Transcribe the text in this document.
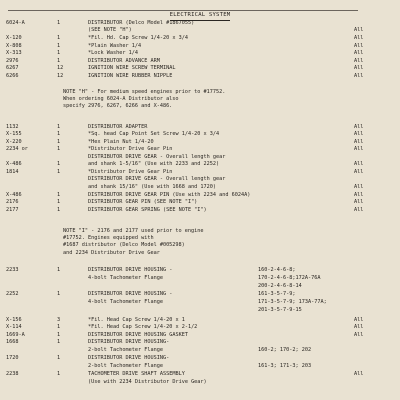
ELECTRICAL SYSTEM
6024-A	1	DISTRIBUTOR (Delco Model #1867055)
(SEE NOTE "H")	All
X-120	1	*Fil. Hd. Cap Screw 1/4-20 x 3/4	All
X-808	1	*Plain Washer 1/4	All
X-313	1	*Lock Washer 1/4	All
2976	1	DISTRIBUTOR ADVANCE ARM	All
6267	12	IGNITION WIRE SCREW TERMINAL	All
6266	12	IGNITION WIRE RUBBER NIPPLE	All
1132	1	DISTRIBUTOR ADAPTER	All
X-155	1	*Sq. head Cap Point Set Screw 1/4-20 x 3/4	All
X-220	1	*Hex Plain Nut 1/4-20	All
2234 or	1	*Distributor Drive Gear Pin	All
DISTRIBUTOR DRIVE GEAR - Overall length gear
X-486	1	and shank 1-5/16" (Use with 2233 and 2252)	All
1814	1	*Distributor Drive Gear Pin	All
DISTRIBUTOR DRIVE GEAR - Overall length gear
and shank 15/16" (Use with 1668 and 1720)	All
X-486	1	DISTRIBUTOR DRIVE GEAR PIN (Use with 2234 and 6024A)	All
2176	1	DISTRIBUTOR GEAR PIN (SEE NOTE "I")	All
2177	1	DISTRIBUTOR GEAR SPRING (SEE NOTE "I")	All
2233	1	DISTRIBUTOR DRIVE HOUSING -	160-2-4-6-8;
4-bolt Tachometer Flange	170-2-4-6-8;172A-76A
200-2-4-6-8-14
2252	1	DISTRIBUTOR DRIVE HOUSING -	161-3-5-7-9;
4-bolt Tachometer Flange	171-3-5-7-9; 173A-77A;
201-3-5-7-9-15
X-156	3	*Fil. Head Cap Screw 1/4-20 x 1	All
X-114	1	*Fil. Head Cap Screw 1/4-20 x 2-1/2	All
1669-A	1	DISTRIBUTOR DRIVE HOUSING GASKET	All
1668	1	DISTRIBUTOR DRIVE HOUSING-
2-bolt Tachometer Flange	160-2; 170-2; 202
1720	1	DISTRIBUTOR DRIVE HOUSING-
2-bolt Tachometer Flange	161-3; 171-3; 203
2238	1	TACHOMETER DRIVE SHAFT ASSEMBLY	All
(Use with 2234 Distributor Drive Gear)
NOTE "H" - For medium speed engines prior to #17752.
When ordering 6024-A Distributor also
specify 2976, 6267, 6266 and X-486.
NOTE "I" - 2176 and 2177 used prior to engine
#17752. Engines equipped with
#1687 distributor (Delco Model #005298)
and 2234 Distributor Drive Gear
